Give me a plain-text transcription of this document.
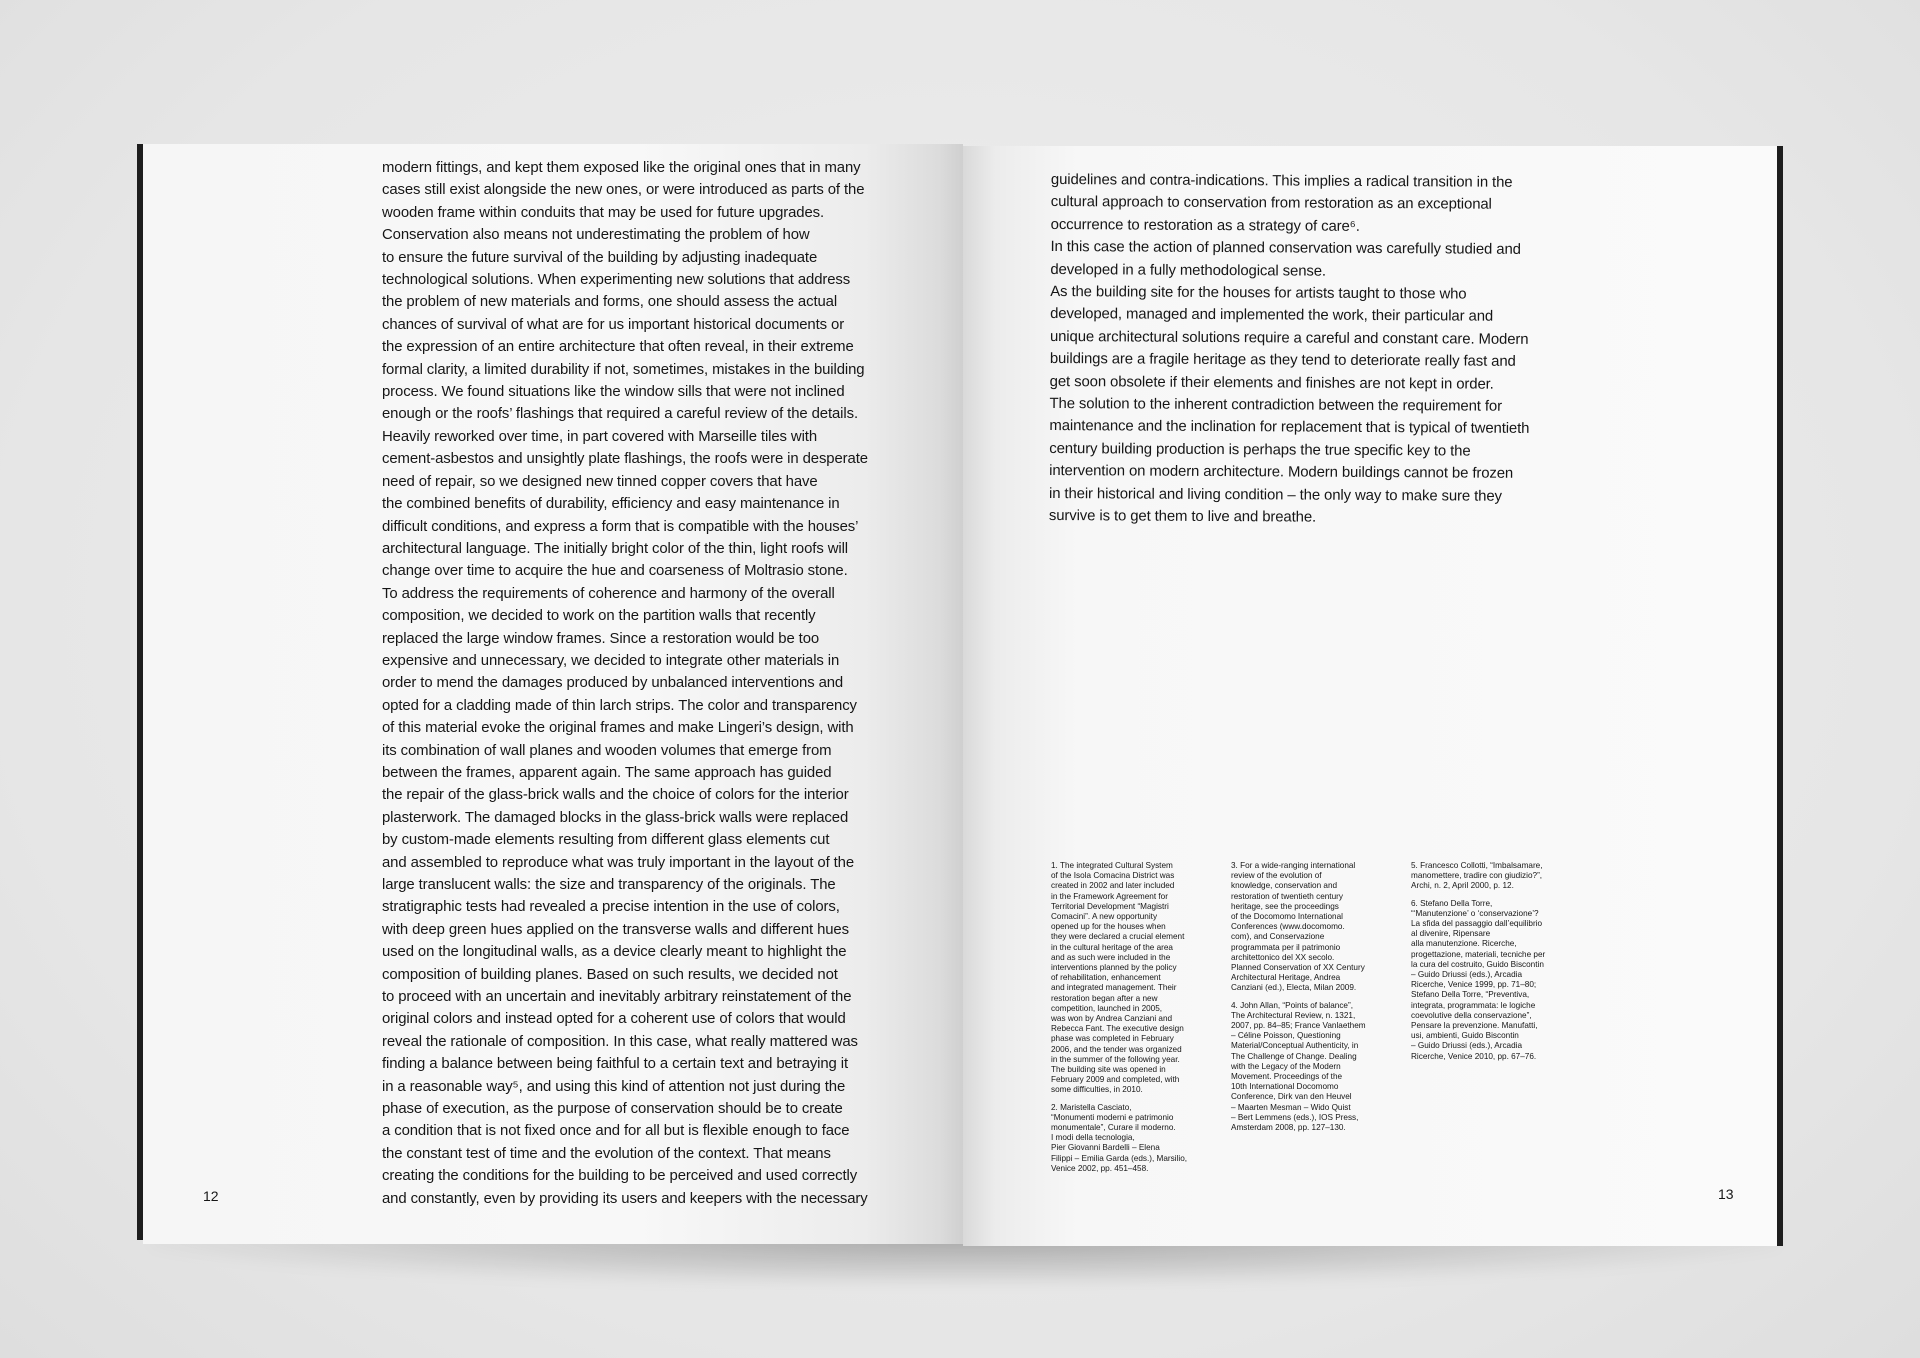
modern fittings, and kept them exposed like the original ones that in many
cases still exist alongside the new ones, or were introduced as parts of the
wooden frame within conduits that may be used for future upgrades.
Conservation also means not underestimating the problem of how
to ensure the future survival of the building by adjusting inadequate
technological solutions. When experimenting new solutions that address
the problem of new materials and forms, one should assess the actual
chances of survival of what are for us important historical documents or
the expression of an entire architecture that often reveal, in their extreme
formal clarity, a limited durability if not, sometimes, mistakes in the building
process. We found situations like the window sills that were not inclined
enough or the roofs’ flashings that required a careful review of the details.
Heavily reworked over time, in part covered with Marseille tiles with
cement-asbestos and unsightly plate flashings, the roofs were in desperate
need of repair, so we designed new tinned copper covers that have
the combined benefits of durability, efficiency and easy maintenance in
difficult conditions, and express a form that is compatible with the houses’
architectural language. The initially bright color of the thin, light roofs will
change over time to acquire the hue and coarseness of Moltrasio stone.
To address the requirements of coherence and harmony of the overall
composition, we decided to work on the partition walls that recently
replaced the large window frames. Since a restoration would be too
expensive and unnecessary, we decided to integrate other materials in
order to mend the damages produced by unbalanced interventions and
opted for a cladding made of thin larch strips. The color and transparency
of this material evoke the original frames and make Lingeri’s design, with
its combination of wall planes and wooden volumes that emerge from
between the frames, apparent again. The same approach has guided
the repair of the glass-brick walls and the choice of colors for the interior
plasterwork. The damaged blocks in the glass-brick walls were replaced
by custom-made elements resulting from different glass elements cut
and assembled to reproduce what was truly important in the layout of the
large translucent walls: the size and transparency of the originals. The
stratigraphic tests had revealed a precise intention in the use of colors,
with deep green hues applied on the transverse walls and different hues
used on the longitudinal walls, as a device clearly meant to highlight the
composition of building planes. Based on such results, we decided not
to proceed with an uncertain and inevitably arbitrary reinstatement of the
original colors and instead opted for a coherent use of colors that would
reveal the rationale of composition. In this case, what really mattered was
finding a balance between being faithful to a certain text and betraying it
in a reasonable way⁵, and using this kind of attention not just during the
phase of execution, as the purpose of conservation should be to create
a condition that is not fixed once and for all but is flexible enough to face
the constant test of time and the evolution of the context. That means
creating the conditions for the building to be perceived and used correctly
and constantly, even by providing its users and keepers with the necessary
12
guidelines and contra-indications. This implies a radical transition in the
cultural approach to conservation from restoration as an exceptional
occurrence to restoration as a strategy of care⁶.
In this case the action of planned conservation was carefully studied and
developed in a fully methodological sense.
As the building site for the houses for artists taught to those who
developed, managed and implemented the work, their particular and
unique architectural solutions require a careful and constant care. Modern
buildings are a fragile heritage as they tend to deteriorate really fast and
get soon obsolete if their elements and finishes are not kept in order.
The solution to the inherent contradiction between the requirement for
maintenance and the inclination for replacement that is typical of twentieth
century building production is perhaps the true specific key to the
intervention on modern architecture. Modern buildings cannot be frozen
in their historical and living condition – the only way to make sure they
survive is to get them to live and breathe.

1. The integrated Cultural System
of the Isola Comacina District was
created in 2002 and later included
in the Framework Agreement for
Territorial Development “Magistri
Comacini”. A new opportunity
opened up for the houses when
they were declared a crucial element
in the cultural heritage of the area
and as such were included in the
interventions planned by the policy
of rehabilitation, enhancement
and integrated management. Their
restoration began after a new
competition, launched in 2005,
was won by Andrea Canziani and
Rebecca Fant. The executive design
phase was completed in February
2006, and the tender was organized
in the summer of the following year.
The building site was opened in
February 2009 and completed, with
some difficulties, in 2010.

2. Maristella Casciato,
“Monumenti moderni e patrimonio
monumentale”, Curare il moderno.
I modi della tecnologia,
Pier Giovanni Bardelli – Elena
Filippi – Emilia Garda (eds.), Marsilio,
Venice 2002, pp. 451–458.

3. For a wide-ranging international
review of the evolution of
knowledge, conservation and
restoration of twentieth century
heritage, see the proceedings
of the Docomomo International
Conferences (www.docomomo.
com), and Conservazione
programmata per il patrimonio
architettonico del XX secolo.
Planned Conservation of XX Century
Architectural Heritage, Andrea
Canziani (ed.), Electa, Milan 2009.

4. John Allan, “Points of balance”,
The Architectural Review, n. 1321,
2007, pp. 84–85; France Vanlaethem
– Céline Poisson, Questioning
Material/Conceptual Authenticity, in
The Challenge of Change. Dealing
with the Legacy of the Modern
Movement. Proceedings of the
10th International Docomomo
Conference, Dirk van den Heuvel
– Maarten Mesman – Wido Quist
– Bert Lemmens (eds.), IOS Press,
Amsterdam 2008, pp. 127–130.

5. Francesco Collotti, “Imbalsamare,
manomettere, tradire con giudizio?”,
Archi, n. 2, April 2000, p. 12.

6. Stefano Della Torre,
“‘Manutenzione’ o ‘conservazione’?
La sfida del passaggio dall’equilibrio
al divenire, Ripensare
alla manutenzione. Ricerche,
progettazione, materiali, tecniche per
la cura del costruito, Guido Biscontin
– Guido Driussi (eds.), Arcadia
Ricerche, Venice 1999, pp. 71–80;
Stefano Della Torre, “Preventiva,
integrata, programmata: le logiche
coevolutive della conservazione”,
Pensare la prevenzione. Manufatti,
usi, ambienti, Guido Biscontin
– Guido Driussi (eds.), Arcadia
Ricerche, Venice 2010, pp. 67–76.

13
